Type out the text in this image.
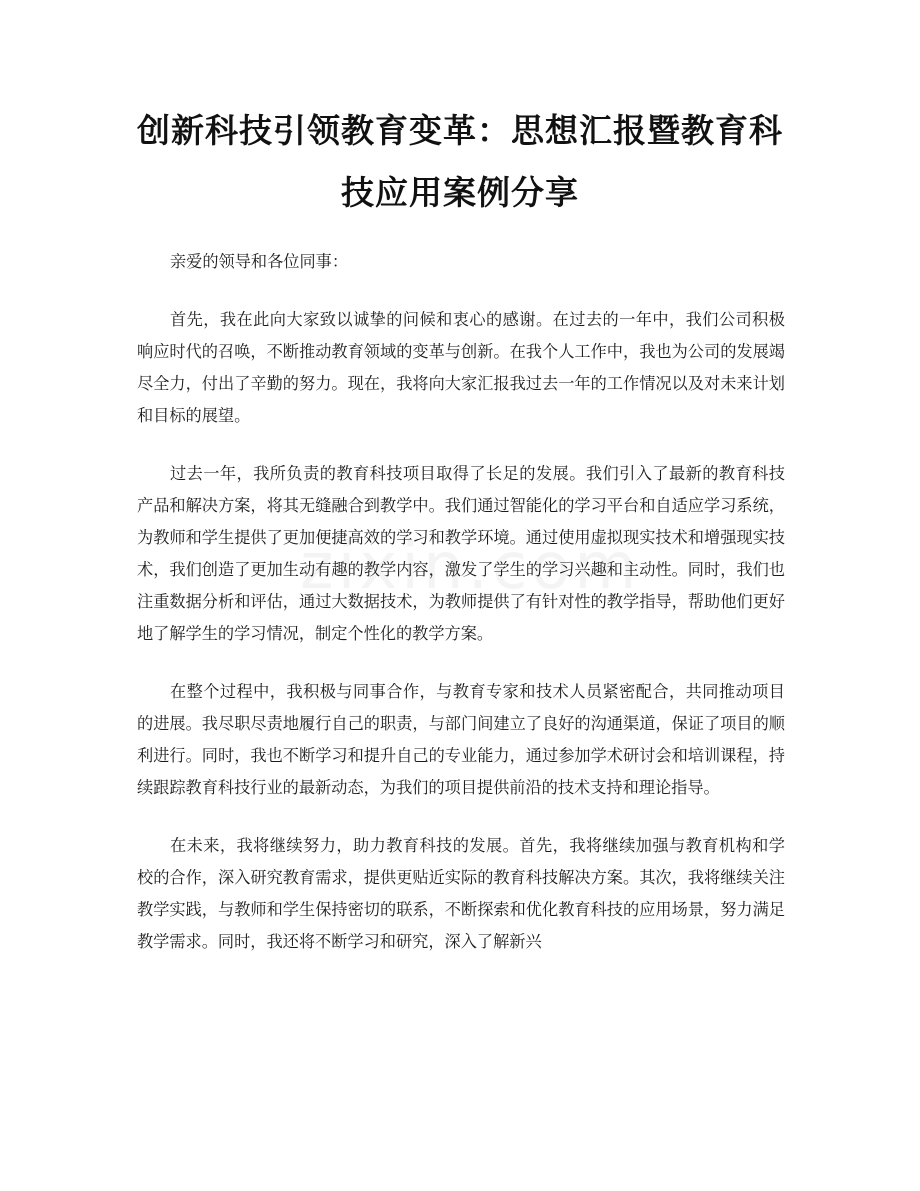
创新科技引领教育变革：思想汇报暨教育科
技应用案例分享

亲爱的领导和各位同事：

首先，我在此向大家致以诚挚的问候和衷心的感谢。在过去的一年中，我们公司积极响应时代的召唤，不断推动教育领域的变革与创新。在我个人工作中，我也为公司的发展竭尽全力，付出了辛勤的努力。现在，我将向大家汇报我过去一年的工作情况以及对未来计划和目标的展望。

过去一年，我所负责的教育科技项目取得了长足的发展。我们引入了最新的教育科技产品和解决方案，将其无缝融合到教学中。我们通过智能化的学习平台和自适应学习系统，为教师和学生提供了更加便捷高效的学习和教学环境。通过使用虚拟现实技术和增强现实技术，我们创造了更加生动有趣的教学内容，激发了学生的学习兴趣和主动性。同时，我们也注重数据分析和评估，通过大数据技术，为教师提供了有针对性的教学指导，帮助他们更好地了解学生的学习情况，制定个性化的教学方案。

在整个过程中，我积极与同事合作，与教育专家和技术人员紧密配合，共同推动项目的进展。我尽职尽责地履行自己的职责，与部门间建立了良好的沟通渠道，保证了项目的顺利进行。同时，我也不断学习和提升自己的专业能力，通过参加学术研讨会和培训课程，持续跟踪教育科技行业的最新动态，为我们的项目提供前沿的技术支持和理论指导。

在未来，我将继续努力，助力教育科技的发展。首先，我将继续加强与教育机构和学校的合作，深入研究教育需求，提供更贴近实际的教育科技解决方案。其次，我将继续关注教学实践，与教师和学生保持密切的联系，不断探索和优化教育科技的应用场景，努力满足教学需求。同时，我还将不断学习和研究，深入了解新兴
